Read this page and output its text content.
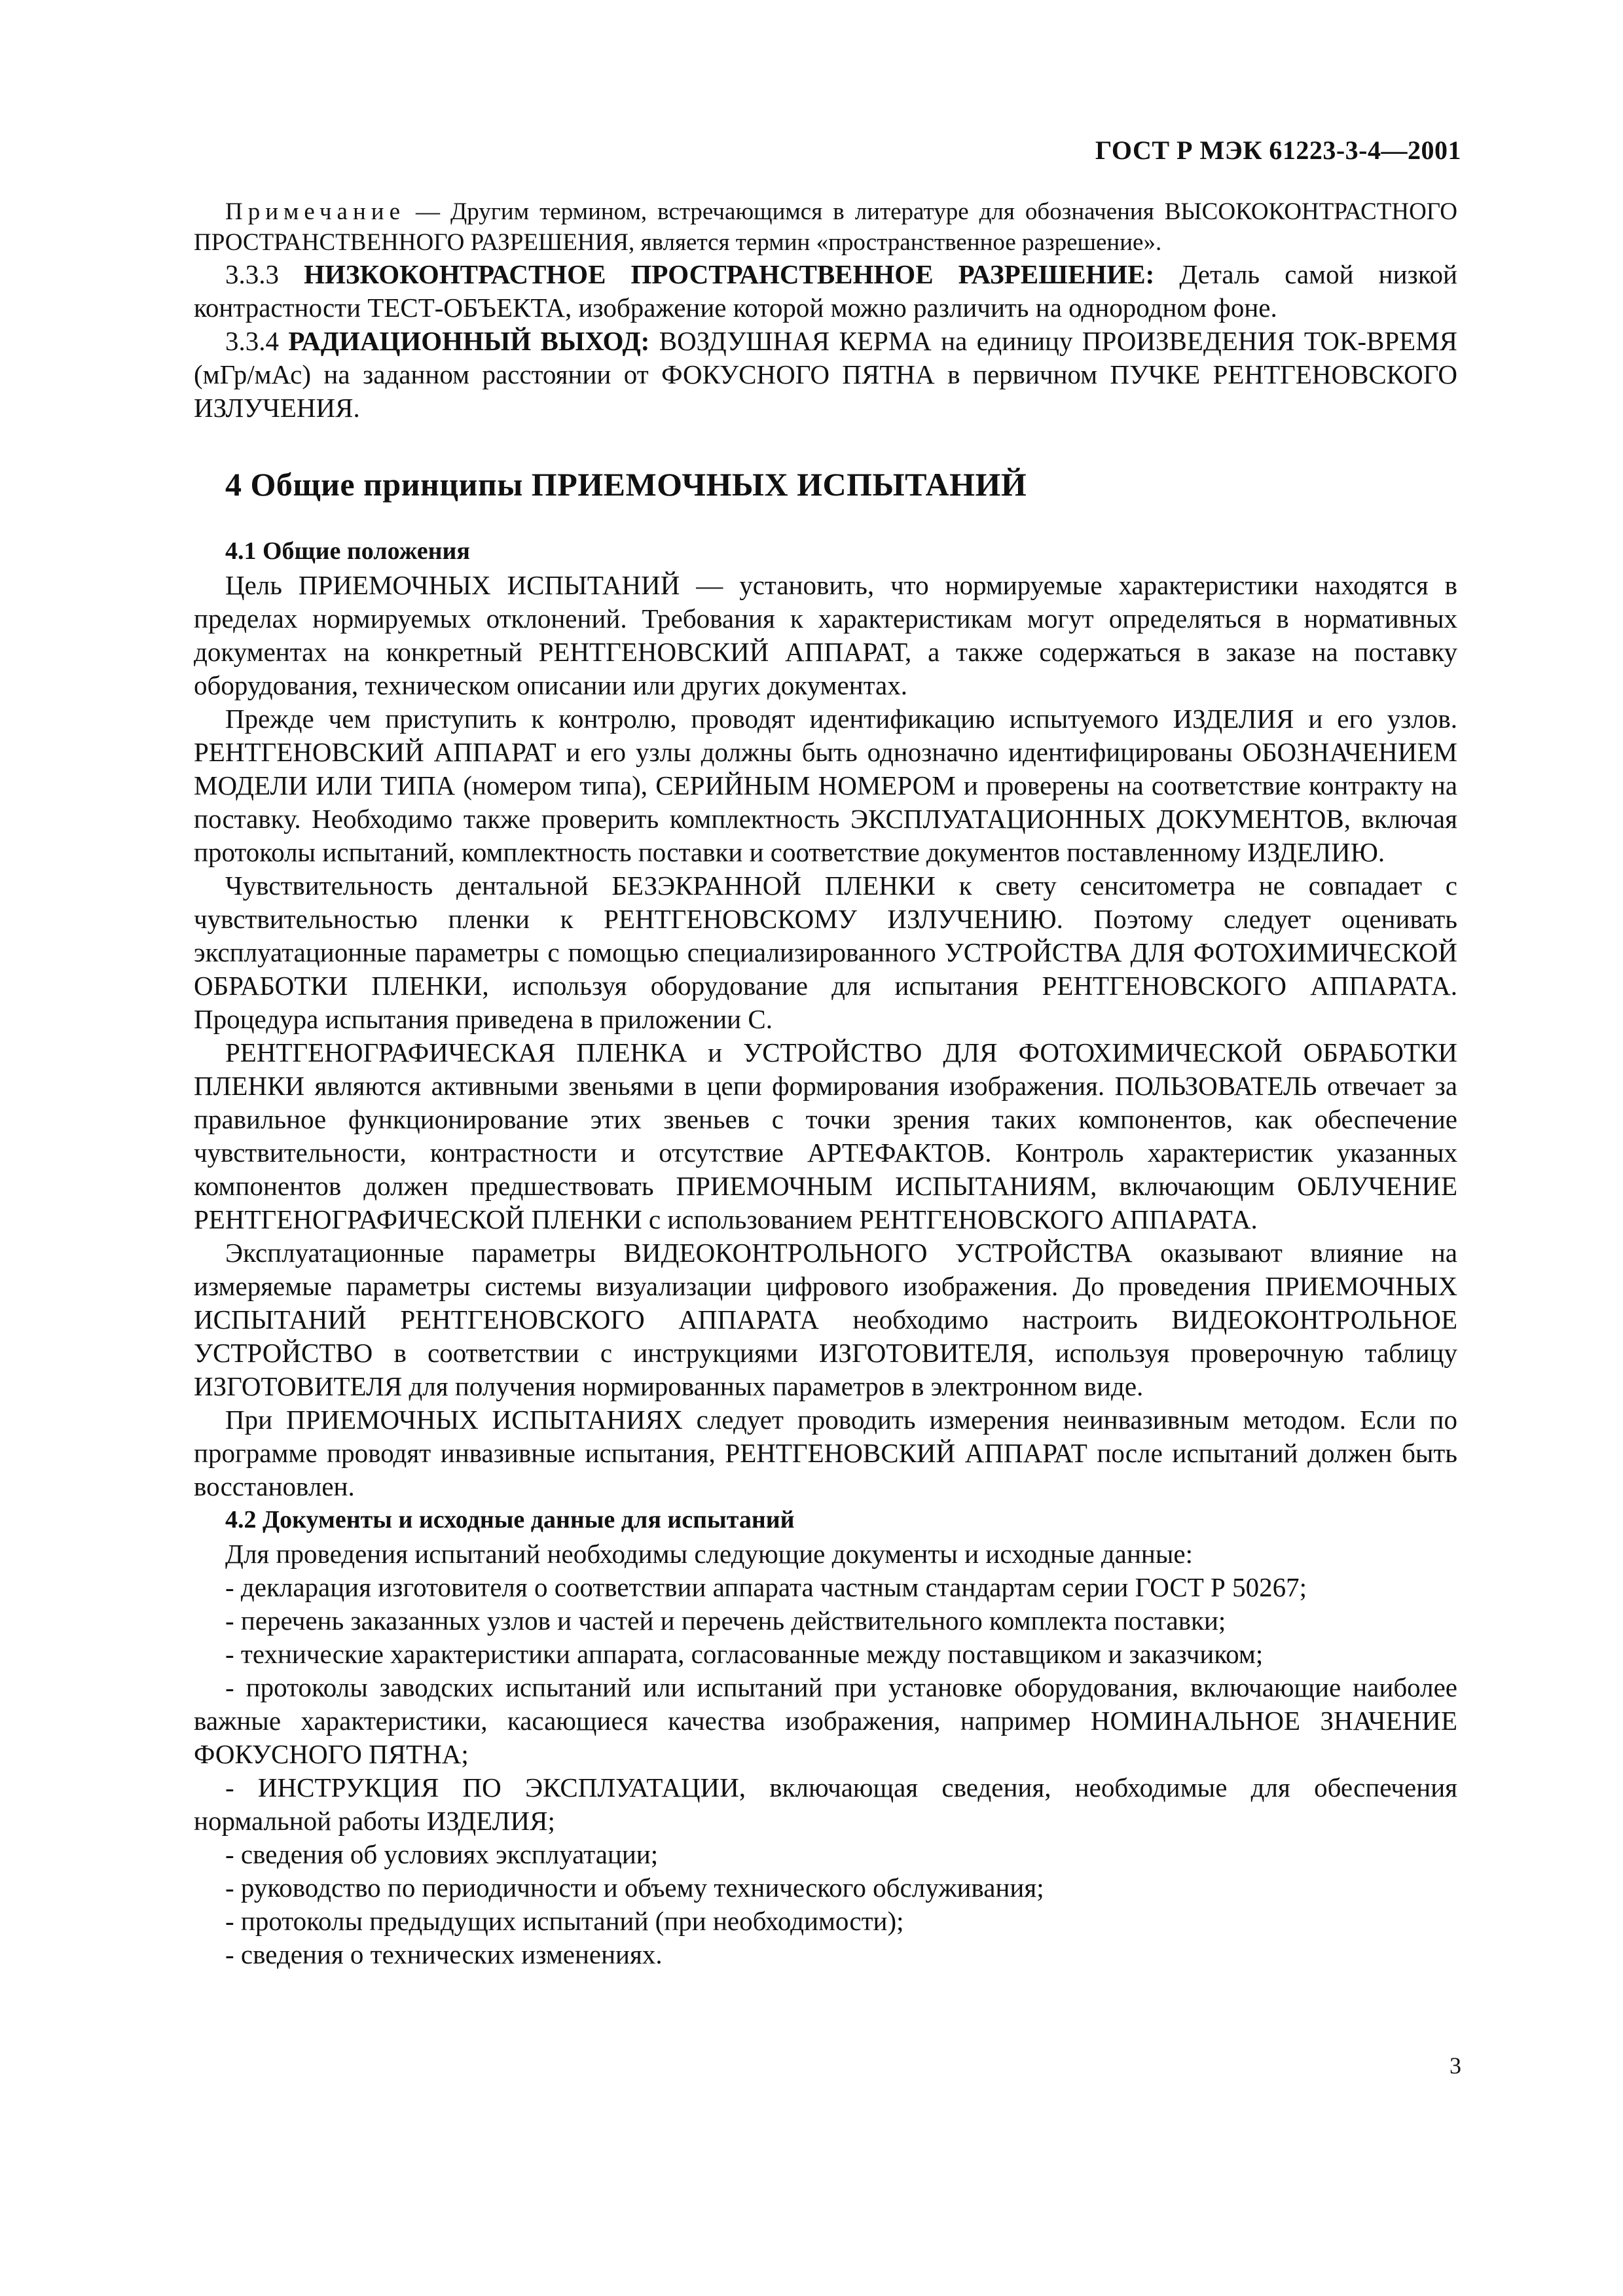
ГОСТ Р МЭК 61223-3-4—2001

Примечание — Другим термином, встречающимся в литературе для обозначения ВЫСОКОКОНТРАСТНОГО ПРОСТРАНСТВЕННОГО РАЗРЕШЕНИЯ, является термин «пространственное разрешение».

3.3.3 НИЗКОКОНТРАСТНОЕ ПРОСТРАНСТВЕННОЕ РАЗРЕШЕНИЕ: Деталь самой низкой контрастности ТЕСТ-ОБЪЕКТА, изображение которой можно различить на однородном фоне.

3.3.4 РАДИАЦИОННЫЙ ВЫХОД: ВОЗДУШНАЯ КЕРМА на единицу ПРОИЗВЕДЕНИЯ ТОК-ВРЕМЯ (мГр/мАс) на заданном расстоянии от ФОКУСНОГО ПЯТНА в первичном ПУЧКЕ РЕНТГЕНОВСКОГО ИЗЛУЧЕНИЯ.

4 Общие принципы ПРИЕМОЧНЫХ ИСПЫТАНИЙ
4.1 Общие положения

Цель ПРИЕМОЧНЫХ ИСПЫТАНИЙ — установить, что нормируемые характеристики находятся в пределах нормируемых отклонений. Требования к характеристикам могут определяться в нормативных документах на конкретный РЕНТГЕНОВСКИЙ АППАРАТ, а также содержаться в заказе на поставку оборудования, техническом описании или других документах.

Прежде чем приступить к контролю, проводят идентификацию испытуемого ИЗДЕЛИЯ и его узлов. РЕНТГЕНОВСКИЙ АППАРАТ и его узлы должны быть однозначно идентифицированы ОБОЗНАЧЕНИЕМ МОДЕЛИ ИЛИ ТИПА (номером типа), СЕРИЙНЫМ НОМЕРОМ и проверены на соответствие контракту на поставку. Необходимо также проверить комплектность ЭКСПЛУАТАЦИОННЫХ ДОКУМЕНТОВ, включая протоколы испытаний, комплектность поставки и соответствие документов поставленному ИЗДЕЛИЮ.

Чувствительность дентальной БЕЗЭКРАННОЙ ПЛЕНКИ к свету сенситометра не совпадает с чувствительностью пленки к РЕНТГЕНОВСКОМУ ИЗЛУЧЕНИЮ. Поэтому следует оценивать эксплуатационные параметры с помощью специализированного УСТРОЙСТВА ДЛЯ ФОТОХИМИЧЕСКОЙ ОБРАБОТКИ ПЛЕНКИ, используя оборудование для испытания РЕНТГЕНОВСКОГО АППАРАТА. Процедура испытания приведена в приложении С.

РЕНТГЕНОГРАФИЧЕСКАЯ ПЛЕНКА и УСТРОЙСТВО ДЛЯ ФОТОХИМИЧЕСКОЙ ОБРАБОТКИ ПЛЕНКИ являются активными звеньями в цепи формирования изображения. ПОЛЬЗОВАТЕЛЬ отвечает за правильное функционирование этих звеньев с точки зрения таких компонентов, как обеспечение чувствительности, контрастности и отсутствие АРТЕФАКТОВ. Контроль характеристик указанных компонентов должен предшествовать ПРИЕМОЧНЫМ ИСПЫТАНИЯМ, включающим ОБЛУЧЕНИЕ РЕНТГЕНОГРАФИЧЕСКОЙ ПЛЕНКИ с использованием РЕНТГЕНОВСКОГО АППАРАТА.

Эксплуатационные параметры ВИДЕОКОНТРОЛЬНОГО УСТРОЙСТВА оказывают влияние на измеряемые параметры системы визуализации цифрового изображения. До проведения ПРИЕМОЧНЫХ ИСПЫТАНИЙ РЕНТГЕНОВСКОГО АППАРАТА необходимо настроить ВИДЕОКОНТРОЛЬНОЕ УСТРОЙСТВО в соответствии с инструкциями ИЗГОТОВИТЕЛЯ, используя проверочную таблицу ИЗГОТОВИТЕЛЯ для получения нормированных параметров в электронном виде.

При ПРИЕМОЧНЫХ ИСПЫТАНИЯХ следует проводить измерения неинвазивным методом. Если по программе проводят инвазивные испытания, РЕНТГЕНОВСКИЙ АППАРАТ после испытаний должен быть восстановлен.

4.2 Документы и исходные данные для испытаний

Для проведения испытаний необходимы следующие документы и исходные данные:

- декларация изготовителя о соответствии аппарата частным стандартам серии ГОСТ Р 50267;

- перечень заказанных узлов и частей и перечень действительного комплекта поставки;

- технические характеристики аппарата, согласованные между поставщиком и заказчиком;

- протоколы заводских испытаний или испытаний при установке оборудования, включающие наиболее важные характеристики, касающиеся качества изображения, например НОМИНАЛЬНОЕ ЗНАЧЕНИЕ ФОКУСНОГО ПЯТНА;

- ИНСТРУКЦИЯ ПО ЭКСПЛУАТАЦИИ, включающая сведения, необходимые для обеспечения нормальной работы ИЗДЕЛИЯ;

- сведения об условиях эксплуатации;

- руководство по периодичности и объему технического обслуживания;

- протоколы предыдущих испытаний (при необходимости);

- сведения о технических изменениях.

3
